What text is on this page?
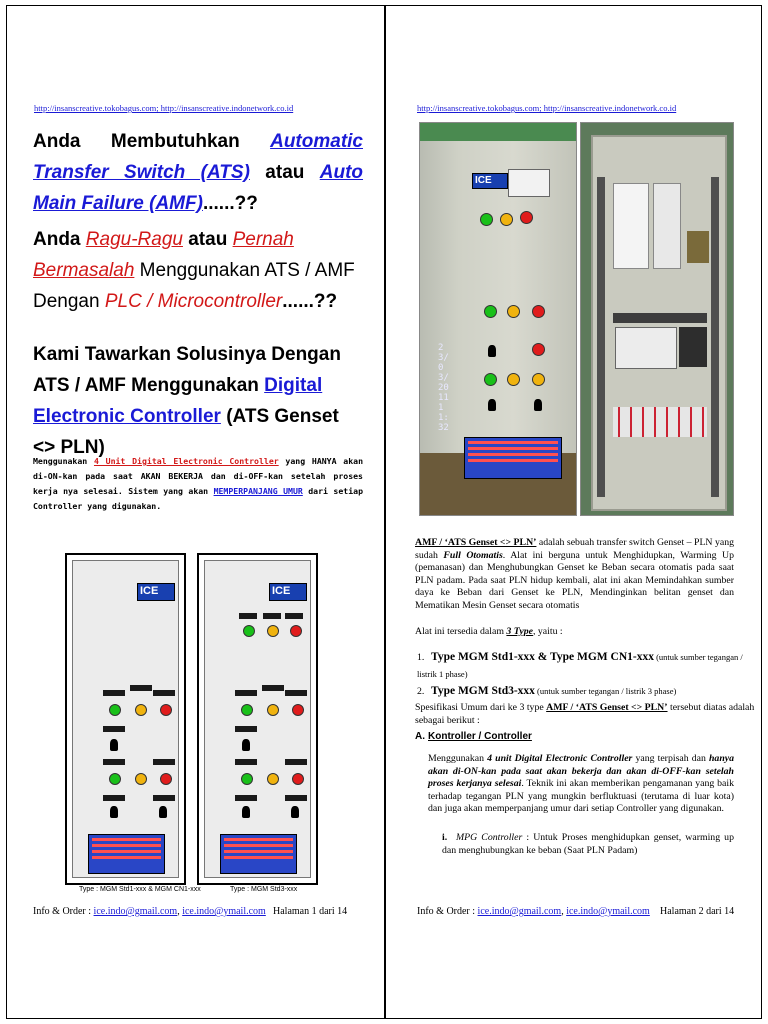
http://insanscreative.tokobagus.com; http://insanscreative.indonetwork.co.id
Anda Membutuhkan Automatic Transfer Switch (ATS) atau Auto Main Failure (AMF)......??
Anda Ragu-Ragu atau Pernah Bermasalah Menggunakan ATS / AMF Dengan PLC / Microcontroller......??
Kami Tawarkan Solusinya Dengan ATS / AMF Menggunakan Digital Electronic Controller (ATS Genset <> PLN)
Menggunakan 4 Unit Digital Electronic Controller yang HANYA akan di-ON-kan pada saat AKAN BEKERJA dan di-OFF-kan setelah proses kerja nya selesai. Sistem yang akan MEMPERPANJANG UMUR dari setiap Controller yang digunakan.
ICE	ICE
Type : MGM Std1-xxx & MGM CN1-xxx	Type : MGM Std3-xxx
Info & Order : ice.indo@gmail.com, ice.indo@ymail.com Halaman 1 dari 14
http://insanscreative.tokobagus.com; http://insanscreative.indonetwork.co.id
ICE
23/03/2011 11:32
AMF / ‘ATS Genset <> PLN’ adalah sebuah transfer switch Genset – PLN yang sudah Full Otomatis. Alat ini berguna untuk Menghidupkan, Warming Up (pemanasan) dan Menghubungkan Genset ke Beban secara otomatis pada saat PLN padam. Pada saat PLN hidup kembali, alat ini akan Memindahkan sumber daya ke Beban dari Genset ke PLN, Mendinginkan belitan genset dan Mematikan Mesin Genset secara otomatis
Alat ini tersedia dalam 3 Type, yaitu :
1. Type MGM Std1-xxx & Type MGM CN1-xxx (untuk sumber tegangan / listrik 1 phase)
2. Type MGM Std3-xxx (untuk sumber tegangan / listrik 3 phase)
Spesifikasi Umum dari ke 3 type AMF / ‘ATS Genset <> PLN’ tersebut diatas adalah sebagai berikut :
A. Kontroller / Controller
Menggunakan 4 unit Digital Electronic Controller yang terpisah dan hanya akan di-ON-kan pada saat akan bekerja dan akan di-OFF-kan setelah proses kerjanya selesai. Teknik ini akan memberikan pengamanan yang baik terhadap tegangan PLN yang mungkin berfluktuasi (terutama di luar kota) dan juga akan memperpanjang umur dari setiap Controller yang digunakan.
i. MPG Controller : Untuk Proses menghidupkan genset, warming up dan menghubungkan ke beban (Saat PLN Padam)
Info & Order : ice.indo@gmail.com, ice.indo@ymail.com Halaman 2 dari 14
